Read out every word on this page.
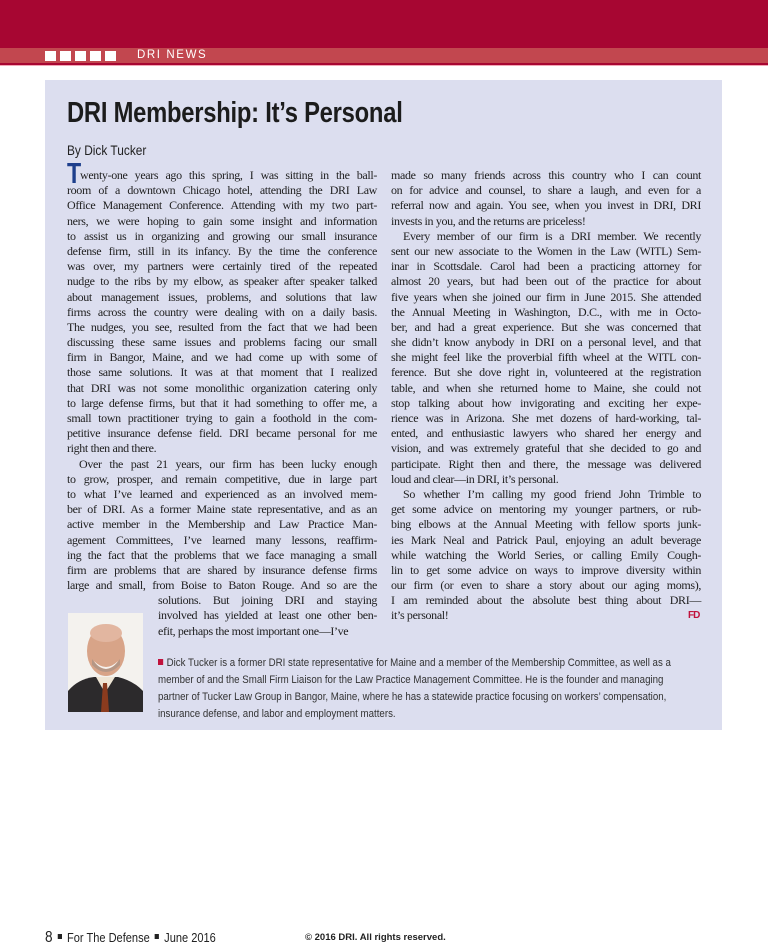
DRI NEWS
DRI Membership: It’s Personal
By Dick Tucker
T
wenty-one years ago this spring, I was sitting in the ball-
room of a downtown Chicago hotel, attending the DRI Law
Office Management Conference. Attending with my two part-
ners, we were hoping to gain some insight and information
to assist us in organizing and growing our small insurance
defense firm, still in its infancy. By the time the conference
was over, my partners were certainly tired of the repeated
nudge to the ribs by my elbow, as speaker after speaker talked
about management issues, problems, and solutions that law
firms across the country were dealing with on a daily basis.
The nudges, you see, resulted from the fact that we had been
discussing these same issues and problems facing our small
firm in Bangor, Maine, and we had come up with some of
those same solutions. It was at that moment that I realized
that DRI was not some monolithic organization catering only
to large defense firms, but that it had something to offer me, a
small town practitioner trying to gain a foothold in the com-
petitive insurance defense field. DRI became personal for me
right then and there.
Over the past 21 years, our firm has been lucky enough
to grow, prosper, and remain competitive, due in large part
to what I’ve learned and experienced as an involved mem-
ber of DRI. As a former Maine state representative, and as an
active member in the Membership and Law Practice Man-
agement Committees, I’ve learned many lessons, reaffirm-
ing the fact that the problems that we face managing a small
firm are problems that are shared by insurance defense firms
large and small, from Boise to Baton Rouge. And so are the
solutions. But joining DRI and staying
involved has yielded at least one other ben-
efit, perhaps the most important one—I’ve
made so many friends across this country who I can count
on for advice and counsel, to share a laugh, and even for a
referral now and again. You see, when you invest in DRI, DRI
invests in you, and the returns are priceless!
Every member of our firm is a DRI member. We recently
sent our new associate to the Women in the Law (WITL) Sem-
inar in Scottsdale. Carol had been a practicing attorney for
almost 20 years, but had been out of the practice for about
five years when she joined our firm in June 2015. She attended
the Annual Meeting in Washington, D.C., with me in Octo-
ber, and had a great experience. But she was concerned that
she didn’t know anybody in DRI on a personal level, and that
she might feel like the proverbial fifth wheel at the WITL con-
ference. But she dove right in, volunteered at the registration
table, and when she returned home to Maine, she could not
stop talking about how invigorating and exciting her expe-
rience was in Arizona. She met dozens of hard-working, tal-
ented, and enthusiastic lawyers who shared her energy and
vision, and was extremely grateful that she decided to go and
participate. Right then and there, the message was delivered
loud and clear—in DRI, it’s personal.
So whether I’m calling my good friend John Trimble to
get some advice on mentoring my younger partners, or rub-
bing elbows at the Annual Meeting with fellow sports junk-
ies Mark Neal and Patrick Paul, enjoying an adult beverage
while watching the World Series, or calling Emily Cough-
lin to get some advice on ways to improve diversity within
our firm (or even to share a story about our aging moms),
I am reminded about the absolute best thing about DRI—
it’s personal!	FD
Dick Tucker is a former DRI state representative for Maine and a member of the Membership Committee, as well as a
member of and the Small Firm Liaison for the Law Practice Management Committee. He is the founder and managing
partner of Tucker Law Group in Bangor, Maine, where he has a statewide practice focusing on workers’ compensation,
insurance defense, and labor and employment matters.
8 For The Defense June 2016	© 2016 DRI. All rights reserved.
